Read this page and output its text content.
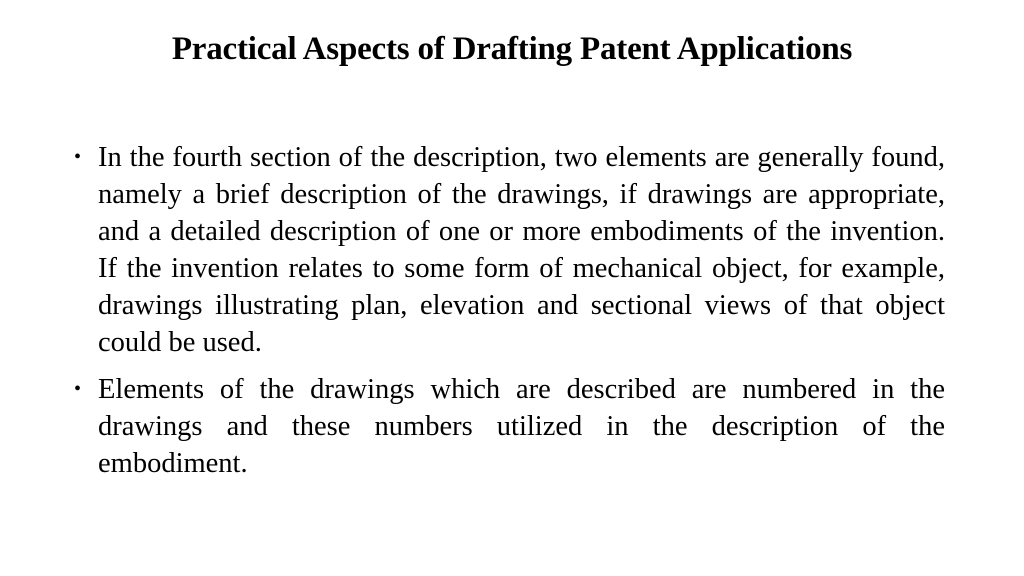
Practical Aspects of Drafting Patent Applications
• In the fourth section of the description, two elements are generally found, namely a brief description of the drawings, if drawings are appropriate, and a detailed description of one or more embodiments of the invention. If the invention relates to some form of mechanical object, for example, drawings illustrating plan, elevation and sectional views of that object could be used.
• Elements of the drawings which are described are numbered in the drawings and these numbers utilized in the description of the embodiment.
